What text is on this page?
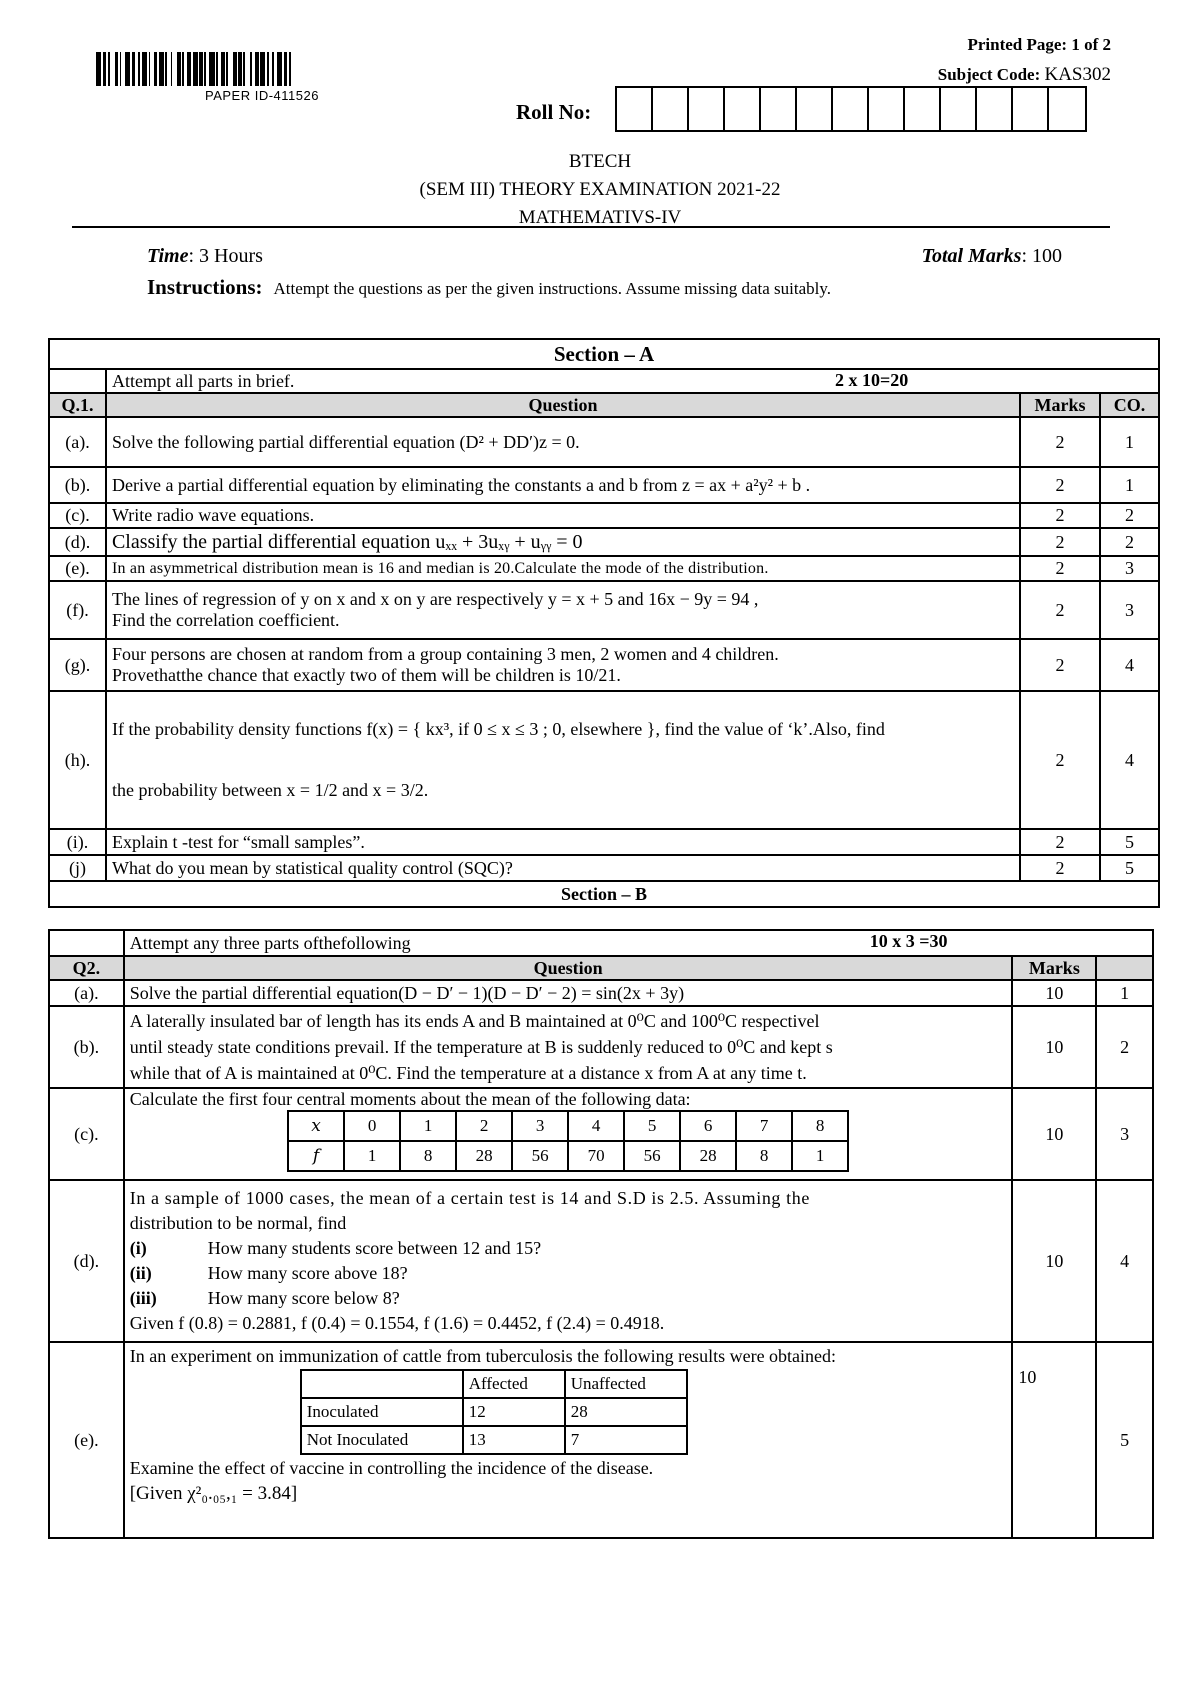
PAPER ID-411526
Printed Page: 1 of 2
Subject Code: KAS302
Roll No:
BTECH
(SEM III) THEORY EXAMINATION 2021-22
MATHEMATIVS-IV
Time: 3 Hours	Total Marks: 100
Instructions: Attempt the questions as per the given instructions. Assume missing data suitably.
Section – A			
	Attempt all parts in brief. 2 x 10=20		

Q.1.	Question	Marks	CO.
(a).	Solve the following partial differential equation (D² + DD′)z = 0.	2	1
(b).	Derive a partial differential equation by eliminating the constants a and b from z = ax + a²y² + b .	2	1
(c).	Write radio wave equations.	2	2
(d).	Classify the partial differential equation uₓₓ + 3uₓᵧ + uᵧᵧ = 0	2	2
(e).	In an asymmetrical distribution mean is 16 and median is 20.Calculate the mode of the distribution.	2	3
(f).	The lines of regression of y on x and x on y are respectively y = x + 5 and 16x − 9y = 94 ,
Find the correlation coefficient.	2	3
(g).	Four persons are chosen at random from a group containing 3 men, 2 women and 4 children.
Provethatthe chance that exactly two of them will be children is 10/21.	2	4
(h).	If the probability density functions f(x) = { kx³, if 0 ≤ x ≤ 3 ; 0, elsewhere }, find the value of ‘k’.Also, find
the probability between x = 1/2 and x = 3/2.	2	4
(i).	Explain t -test for “small samples”.	2	5
(j)	What do you mean by statistical quality control (SQC)?	2	5
Section – B			
	Attempt any three parts ofthefollowing	10 x 3 =30

Q2.	Question	Marks	
(a).	Solve the partial differential equation(D − D′ − 1)(D − D′ − 2) = sin(2x + 3y)	10	1
(b).	
A laterally insulated bar of length has its ends A and B maintained at 0⁰C and 100⁰C respectivel
until steady state conditions prevail. If the temperature at B is suddenly reduced to 0⁰C and kept s
while that of A is maintained at 0⁰C. Find the temperature at a distance x from A at any time t.
	10	2
(c).	
Calculate the first four central moments about the mean of the following data:
x	0	1	2	3	4	5	6	7	8
f	1	8	28	56	70	56	28	8	1
	10	3
(d).	
In a sample of 1000 cases, the mean of a certain test is 14 and S.D is 2.5. Assuming the
distribution to be normal, find
(i)	How many students score between 12 and 15?
(ii)	How many score above 18?
(iii)	How many score below 8?
Given f (0.8) = 0.2881, f (0.4) = 0.1554, f (1.6) = 0.4452, f (2.4) = 0.4918.
	10	4
(e).	
In an experiment on immunization of cattle from tuberculosis the following results were obtained:
	Affected	Unaffected
Inoculated	12	28
Not Inoculated	13	7
Examine the effect of vaccine in controlling the incidence of the disease.
[Given χ²₀.₀₅,₁ = 3.84]
	10	5
